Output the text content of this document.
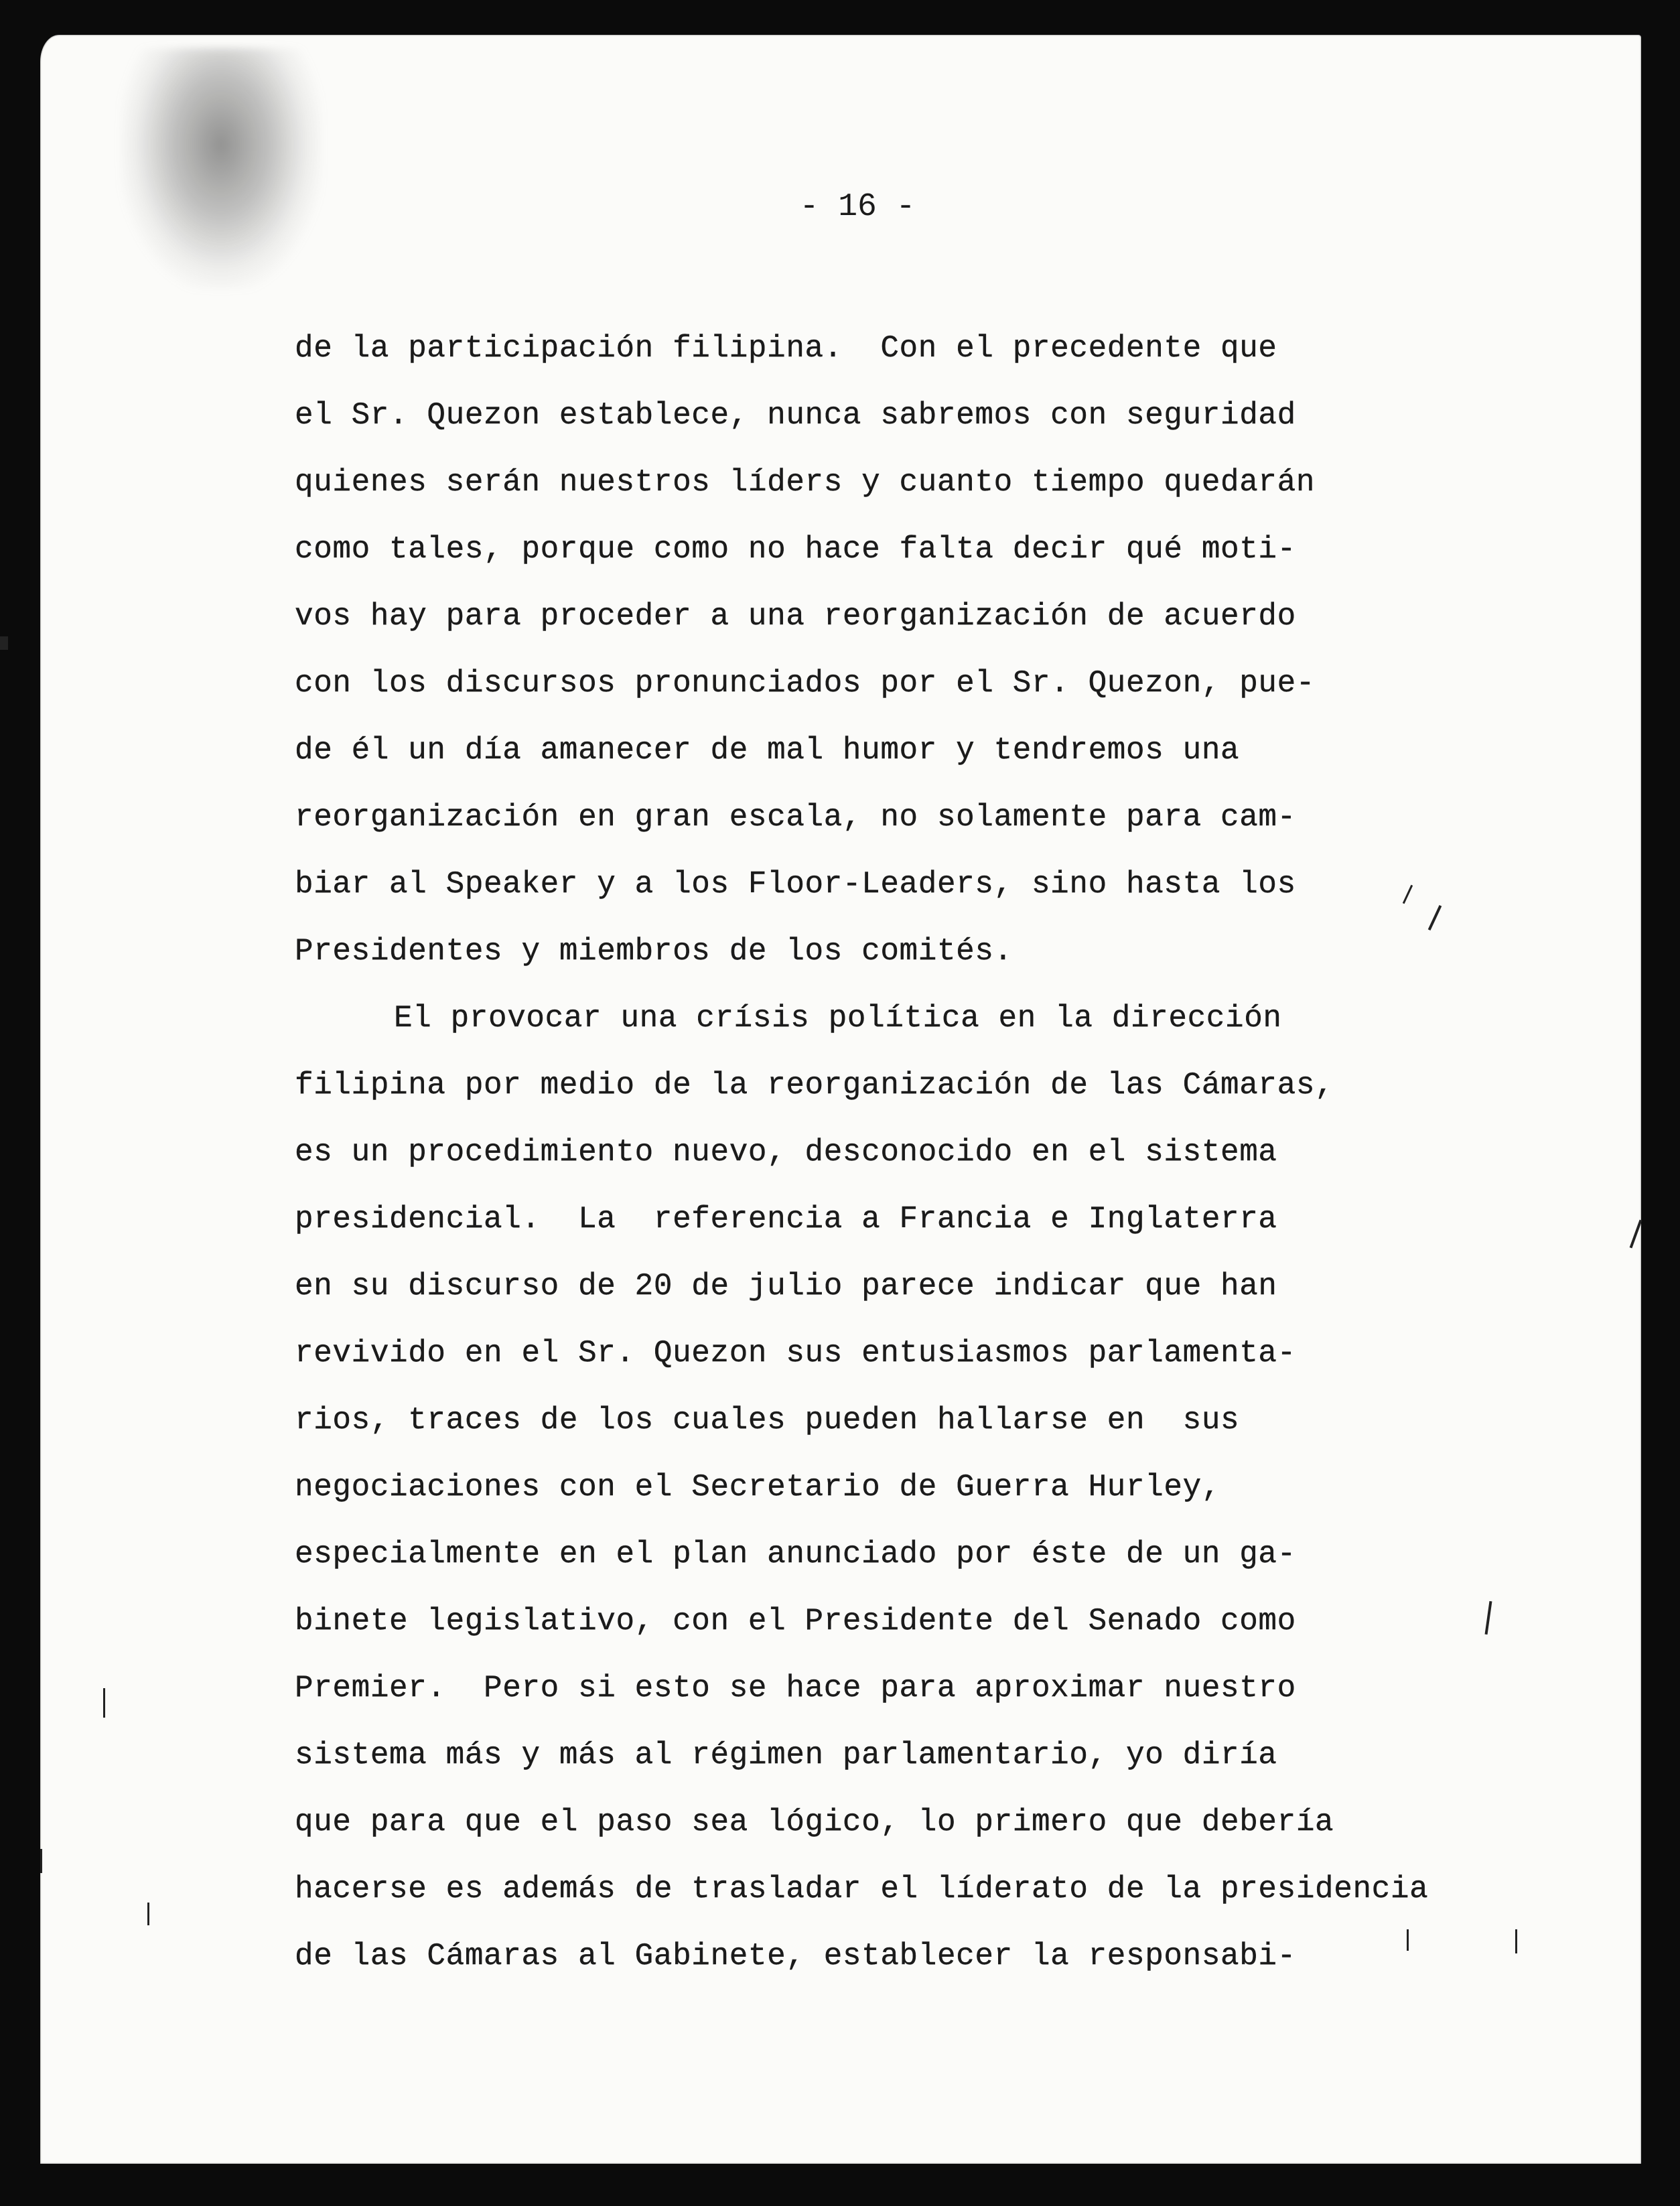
- 16 -
de la participación filipina.  Con el precedente que
el Sr. Quezon establece, nunca sabremos con seguridad
quienes serán nuestros líders y cuanto tiempo quedarán
como tales, porque como no hace falta decir qué moti-
vos hay para proceder a una reorganización de acuerdo
con los discursos pronunciados por el Sr. Quezon, pue-
de él un día amanecer de mal humor y tendremos una
reorganización en gran escala, no solamente para cam-
biar al Speaker y a los Floor-Leaders, sino hasta los
Presidentes y miembros de los comités.
El provocar una crísis política en la dirección
filipina por medio de la reorganización de las Cámaras,
es un procedimiento nuevo, desconocido en el sistema
presidencial.  La  referencia a Francia e Inglaterra
en su discurso de 20 de julio parece indicar que han
revivido en el Sr. Quezon sus entusiasmos parlamenta-
rios, traces de los cuales pueden hallarse en  sus
negociaciones con el Secretario de Guerra Hurley,
especialmente en el plan anunciado por éste de un ga-
binete legislativo, con el Presidente del Senado como
Premier.  Pero si esto se hace para aproximar nuestro
sistema más y más al régimen parlamentario, yo diría
que para que el paso sea lógico, lo primero que debería
hacerse es además de trasladar el líderato de la presidencia
de las Cámaras al Gabinete, establecer la responsabi-
